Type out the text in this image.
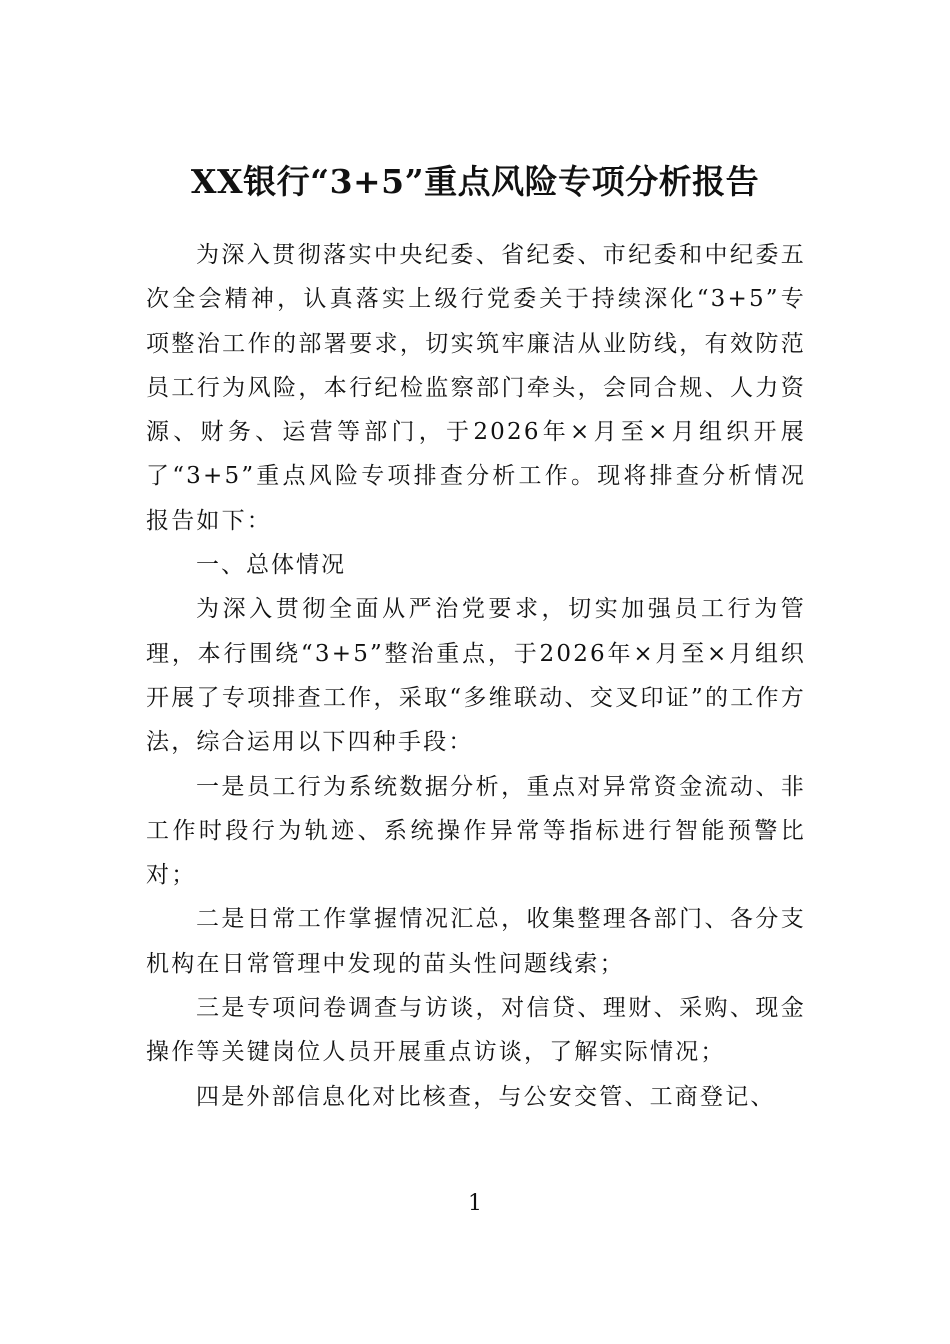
XX银行“3+5”重点风险专项分析报告

为深入贯彻落实中央纪委、省纪委、市纪委和中纪委五次全会精神，认真落实上级行党委关于持续深化“3+5”专项整治工作的部署要求，切实筑牢廉洁从业防线，有效防范员工行为风险，本行纪检监察部门牵头，会同合规、人力资源、财务、运营等部门，于2026年×月至×月组织开展了“3+5”重点风险专项排查分析工作。现将排查分析情况报告如下：

一、总体情况

为深入贯彻全面从严治党要求，切实加强员工行为管理，本行围绕“3+5”整治重点，于2026年×月至×月组织开展了专项排查工作，采取“多维联动、交叉印证”的工作方法，综合运用以下四种手段：

一是员工行为系统数据分析，重点对异常资金流动、非工作时段行为轨迹、系统操作异常等指标进行智能预警比对；

二是日常工作掌握情况汇总，收集整理各部门、各分支机构在日常管理中发现的苗头性问题线索；

三是专项问卷调查与访谈，对信贷、理财、采购、现金操作等关键岗位人员开展重点访谈，了解实际情况；

四是外部信息化对比核查，与公安交管、工商登记、

1
